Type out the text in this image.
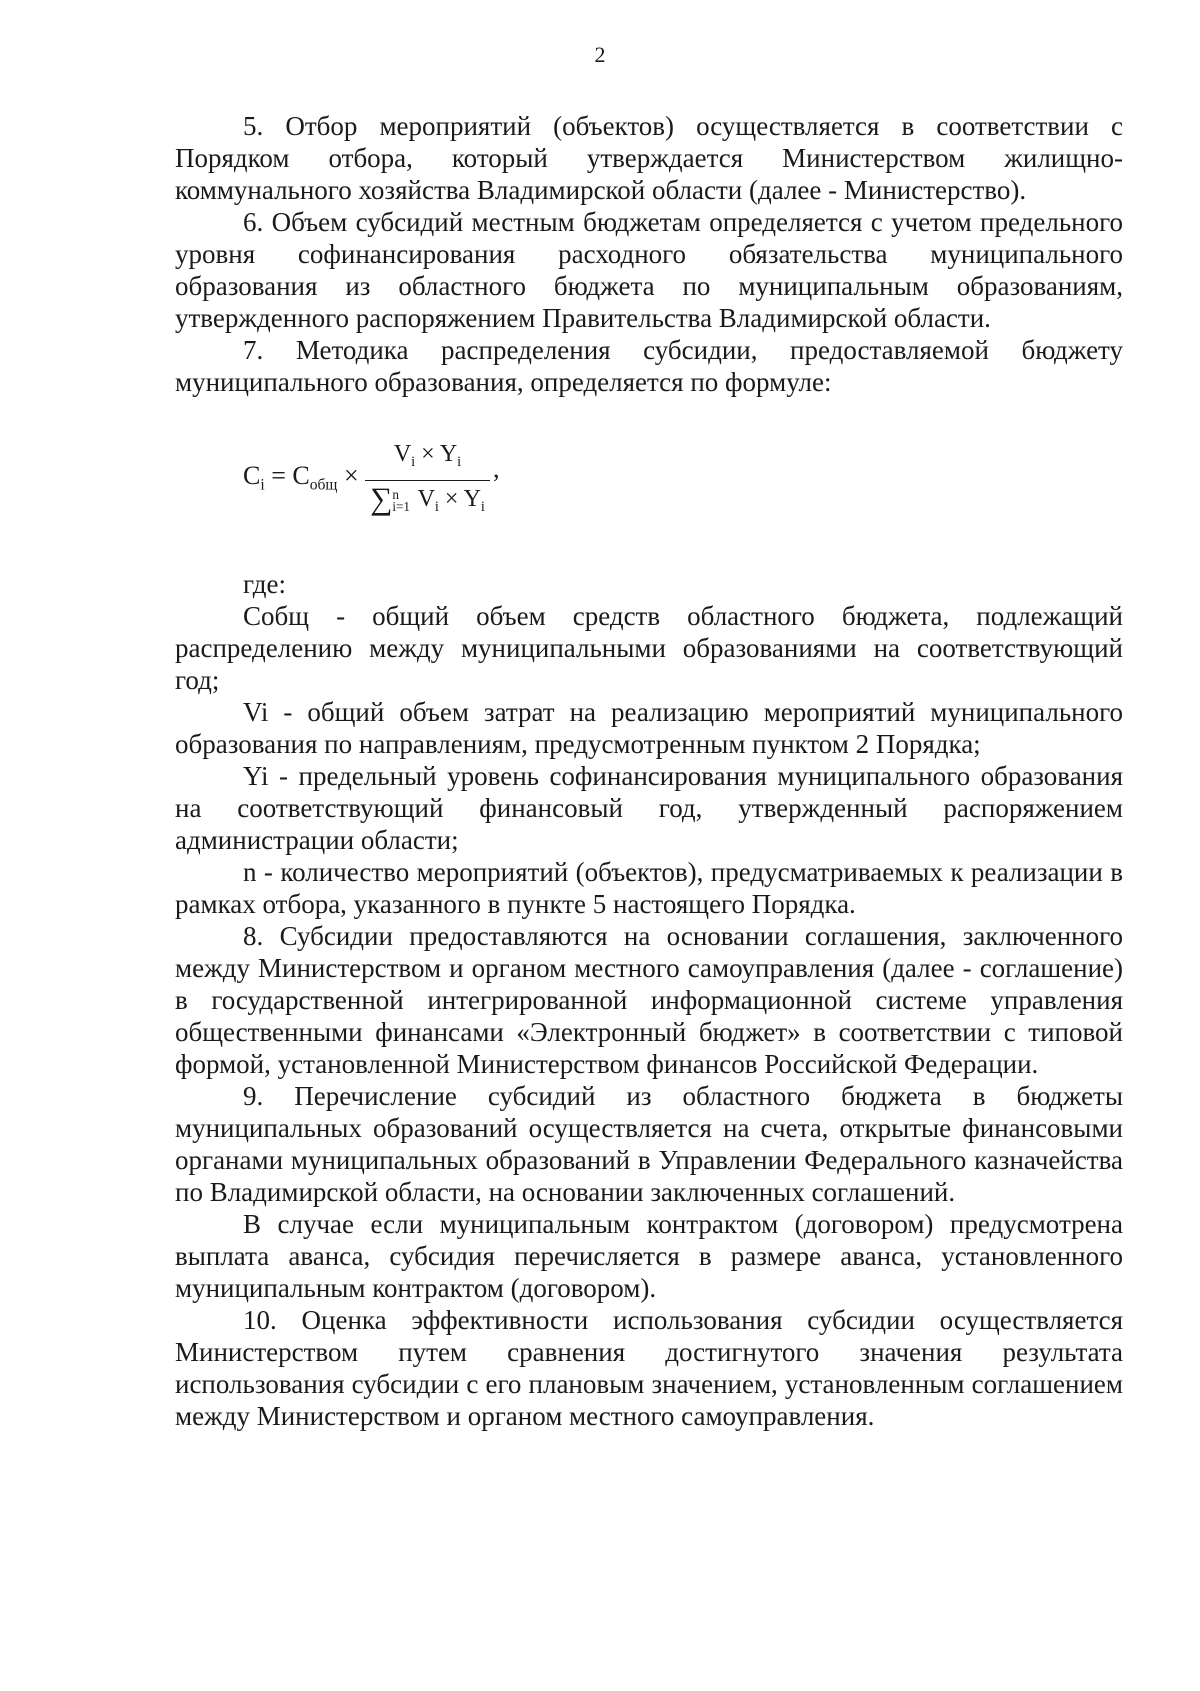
2

5. Отбор мероприятий (объектов) осуществляется в соответствии с Порядком отбора, который утверждается Министерством жилищно-коммунального хозяйства Владимирской области (далее - Министерство).

6. Объем субсидий местным бюджетам определяется с учетом предельного уровня софинансирования расходного обязательства муниципального образования из областного бюджета по муниципальным образованиям, утвержденного распоряжением Правительства Владимирской области.

7. Методика распределения субсидии, предоставляемой бюджету муниципального образования, определяется по формуле:

$C_i = C_{общ} \times V_i \times Y_i$
∑ n
i=1 $V_i \times Y_i$ ,

где:

Cобщ - общий объем средств областного бюджета, подлежащий распределению между муниципальными образованиями на соответствующий год;

Vi - общий объем затрат на реализацию мероприятий муниципального образования по направлениям, предусмотренным пунктом 2 Порядка;

Yi - предельный уровень софинансирования муниципального образования на соответствующий финансовый год, утвержденный распоряжением администрации области;

n - количество мероприятий (объектов), предусматриваемых к реализации в рамках отбора, указанного в пункте 5 настоящего Порядка.

8. Субсидии предоставляются на основании соглашения, заключенного между Министерством и органом местного самоуправления (далее - соглашение) в государственной интегрированной информационной системе управления общественными финансами «Электронный бюджет» в соответствии с типовой формой, установленной Министерством финансов Российской Федерации.

9. Перечисление субсидий из областного бюджета в бюджеты муниципальных образований осуществляется на счета, открытые финансовыми органами муниципальных образований в Управлении Федерального казначейства по Владимирской области, на основании заключенных соглашений.

В случае если муниципальным контрактом (договором) предусмотрена выплата аванса, субсидия перечисляется в размере аванса, установленного муниципальным контрактом (договором).

10. Оценка эффективности использования субсидии осуществляется Министерством путем сравнения достигнутого значения результата использования субсидии с его плановым значением, установленным соглашением между Министерством и органом местного самоуправления.
